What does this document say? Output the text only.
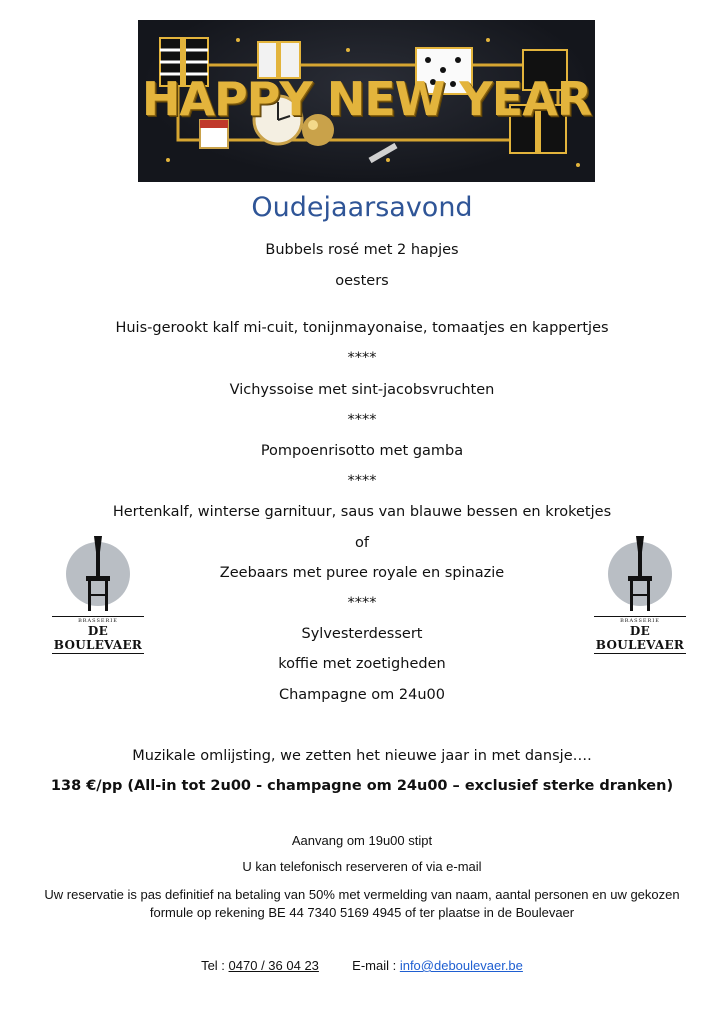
HAPPY NEW YEAR
Oudejaarsavond
Bubbels rosé met 2 hapjes
oesters
Huis-gerookt kalf mi-cuit, tonijnmayonaise, tomaatjes en kappertjes
****
Vichyssoise met sint-jacobsvruchten
****
Pompoenrisotto met gamba
****
Hertenkalf, winterse garnituur, saus van blauwe bessen en kroketjes
of
Zeebaars met puree royale en spinazie
****
Sylvesterdessert
koffie met zoetigheden
Champagne om 24u00
Muzikale omlijsting, we zetten het nieuwe jaar in met dansje….
138 €/pp (All-in tot 2u00 - champagne om 24u00 – exclusief sterke dranken)
Aanvang om 19u00 stipt
U kan telefonisch reserveren of via e-mail
Uw reservatie is pas definitief na betaling van 50% met vermelding van naam, aantal personen en uw gekozen formule op rekening BE 44 7340 5169 4945 of ter plaatse in de Boulevaer
Tel : 0470 / 36 04 23	E-mail : info@deboulevaer.be
BRASSERIE
DE BOULEVAER
BRASSERIE
DE BOULEVAER
